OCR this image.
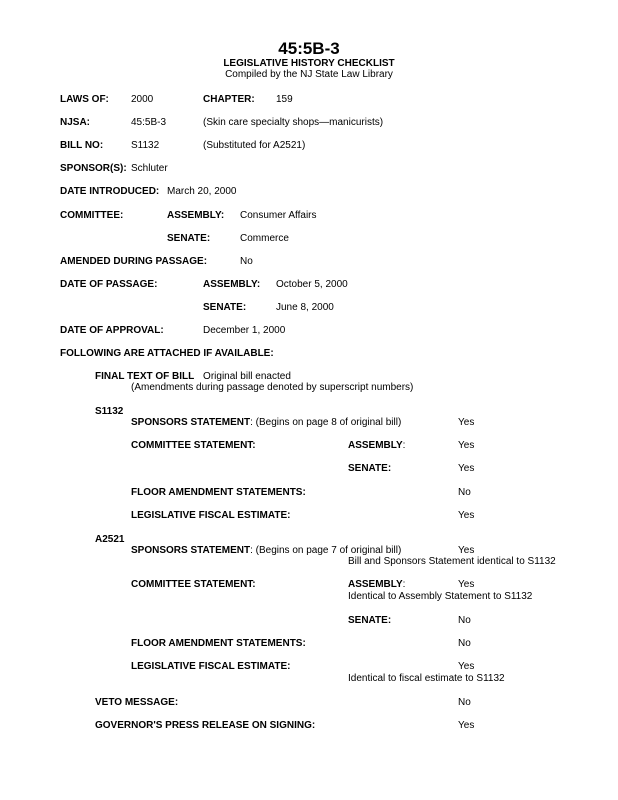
45:5B-3
LEGISLATIVE HISTORY CHECKLIST
Compiled by the NJ State Law Library
LAWS OF: 2000	CHAPTER: 159
NJSA:	45:5B-3	(Skin care specialty shops—manicurists)
BILL NO:	S1132	(Substituted for A2521)
SPONSOR(S): Schluter
DATE INTRODUCED: March 20, 2000
COMMITTEE:	ASSEMBLY: Consumer Affairs
SENATE:	Commerce
AMENDED DURING PASSAGE:	No
DATE OF PASSAGE:	ASSEMBLY: October 5, 2000
SENATE:	June 8, 2000
DATE OF APPROVAL:	December 1, 2000
FOLLOWING ARE ATTACHED IF AVAILABLE:
FINAL TEXT OF BILL Original bill enacted
(Amendments during passage denoted by superscript numbers)
S1132
SPONSORS STATEMENT: (Begins on page 8 of original bill)	Yes
COMMITTEE STATEMENT:	ASSEMBLY:	Yes
SENATE:	Yes
FLOOR AMENDMENT STATEMENTS:	No
LEGISLATIVE FISCAL ESTIMATE:	Yes
A2521
SPONSORS STATEMENT: (Begins on page 7 of original bill)	Yes
Bill and Sponsors Statement identical to S1132
COMMITTEE STATEMENT:	ASSEMBLY:	Yes
Identical to Assembly Statement to S1132
SENATE:	No
FLOOR AMENDMENT STATEMENTS:	No
LEGISLATIVE FISCAL ESTIMATE:	Yes
Identical to fiscal estimate to S1132
VETO MESSAGE:	No
GOVERNOR'S PRESS RELEASE ON SIGNING:	Yes
